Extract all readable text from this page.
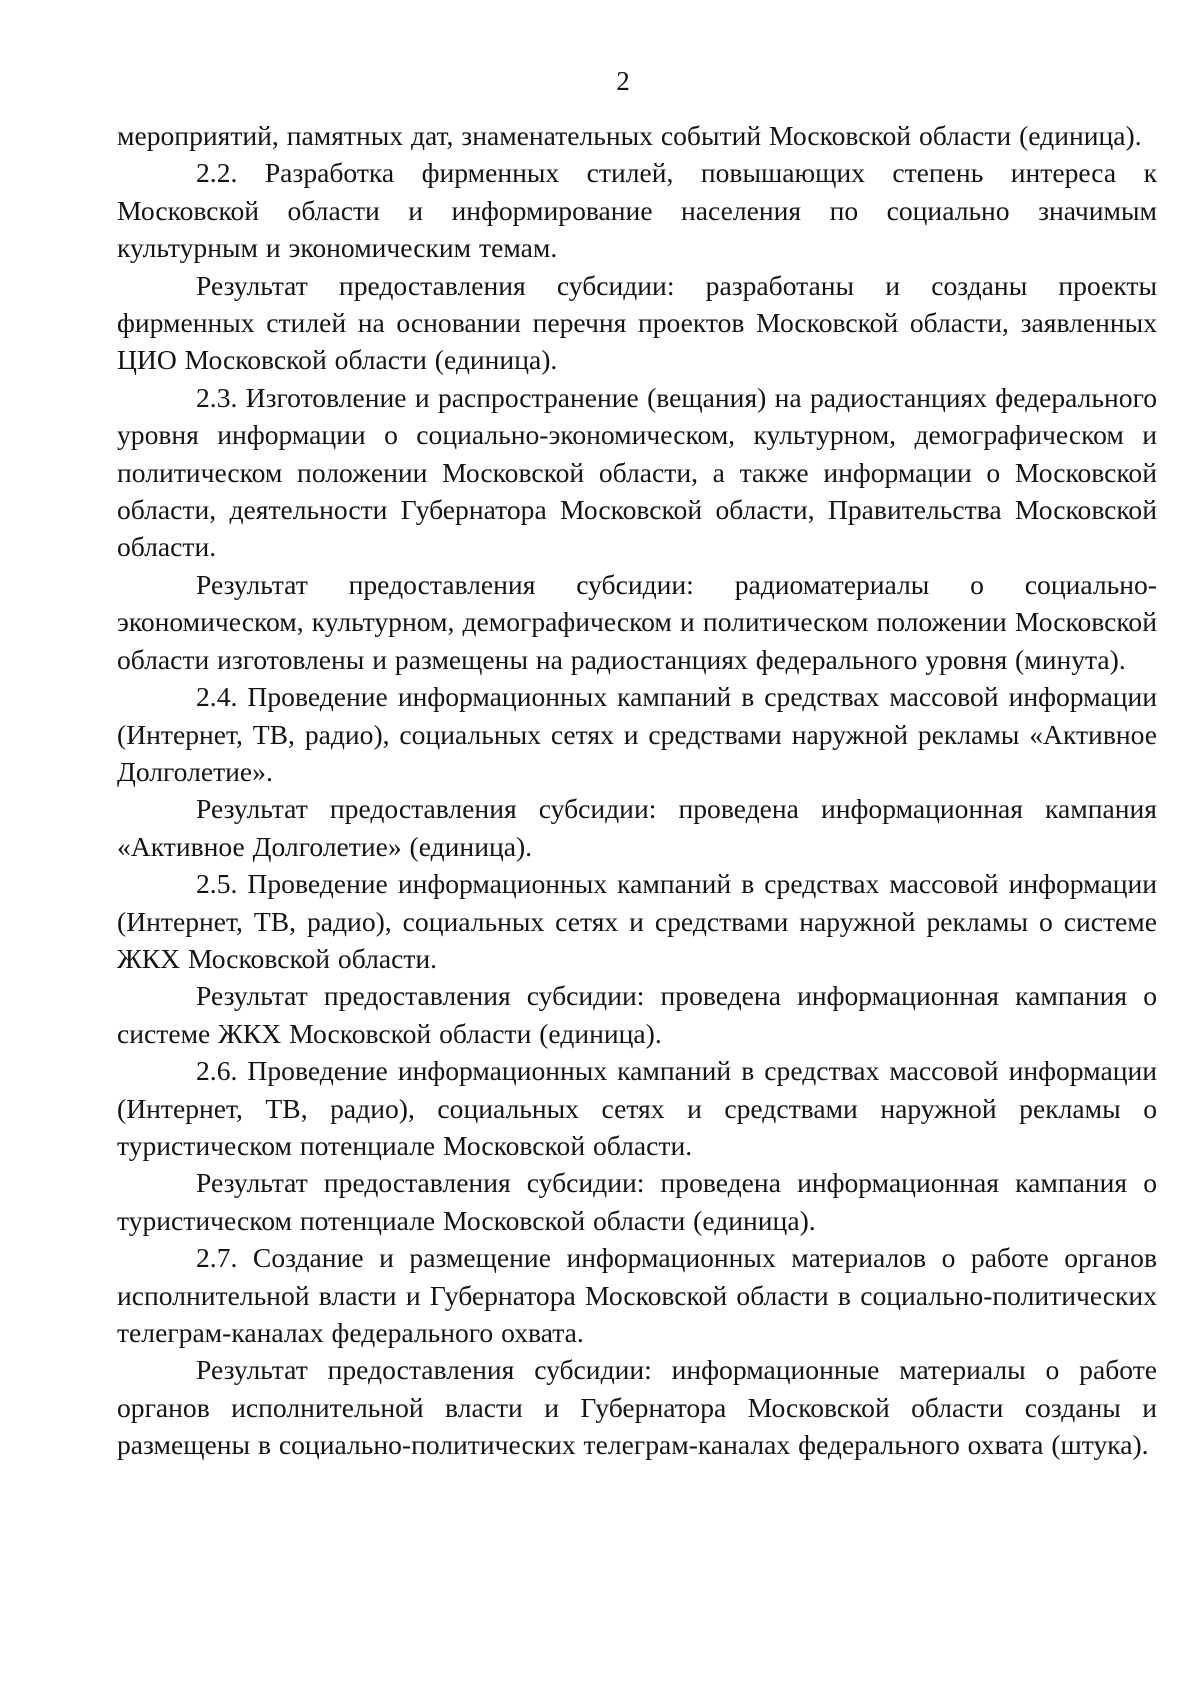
2

мероприятий, памятных дат, знаменательных событий Московской области (единица).

2.2. Разработка фирменных стилей, повышающих степень интереса к Московской области и информирование населения по социально значимым культурным и экономическим темам.

Результат предоставления субсидии: разработаны и созданы проекты фирменных стилей на основании перечня проектов Московской области, заявленных ЦИО Московской области (единица).

2.3. Изготовление и распространение (вещания) на радиостанциях федерального уровня информации о социально-экономическом, культурном, демографическом и политическом положении Московской области, а также информации о Московской области, деятельности Губернатора Московской области, Правительства Московской области.

Результат предоставления субсидии: радиоматериалы о социально-экономическом, культурном, демографическом и политическом положении Московской области изготовлены и размещены на радиостанциях федерального уровня (минута).

2.4. Проведение информационных кампаний в средствах массовой информации (Интернет, ТВ, радио), социальных сетях и средствами наружной рекламы «Активное Долголетие».

Результат предоставления субсидии: проведена информационная кампания «Активное Долголетие» (единица).

2.5. Проведение информационных кампаний в средствах массовой информации (Интернет, ТВ, радио), социальных сетях и средствами наружной рекламы о системе ЖКХ Московской области.

Результат предоставления субсидии: проведена информационная кампания о системе ЖКХ Московской области (единица).

2.6. Проведение информационных кампаний в средствах массовой информации (Интернет, ТВ, радио), социальных сетях и средствами наружной рекламы о туристическом потенциале Московской области.

Результат предоставления субсидии: проведена информационная кампания о туристическом потенциале Московской области (единица).

2.7. Создание и размещение информационных материалов о работе органов исполнительной власти и Губернатора Московской области в социально-политических телеграм-каналах федерального охвата.

Результат предоставления субсидии: информационные материалы о работе органов исполнительной власти и Губернатора Московской области созданы и размещены в социально-политических телеграм-каналах федерального охвата (штука).
